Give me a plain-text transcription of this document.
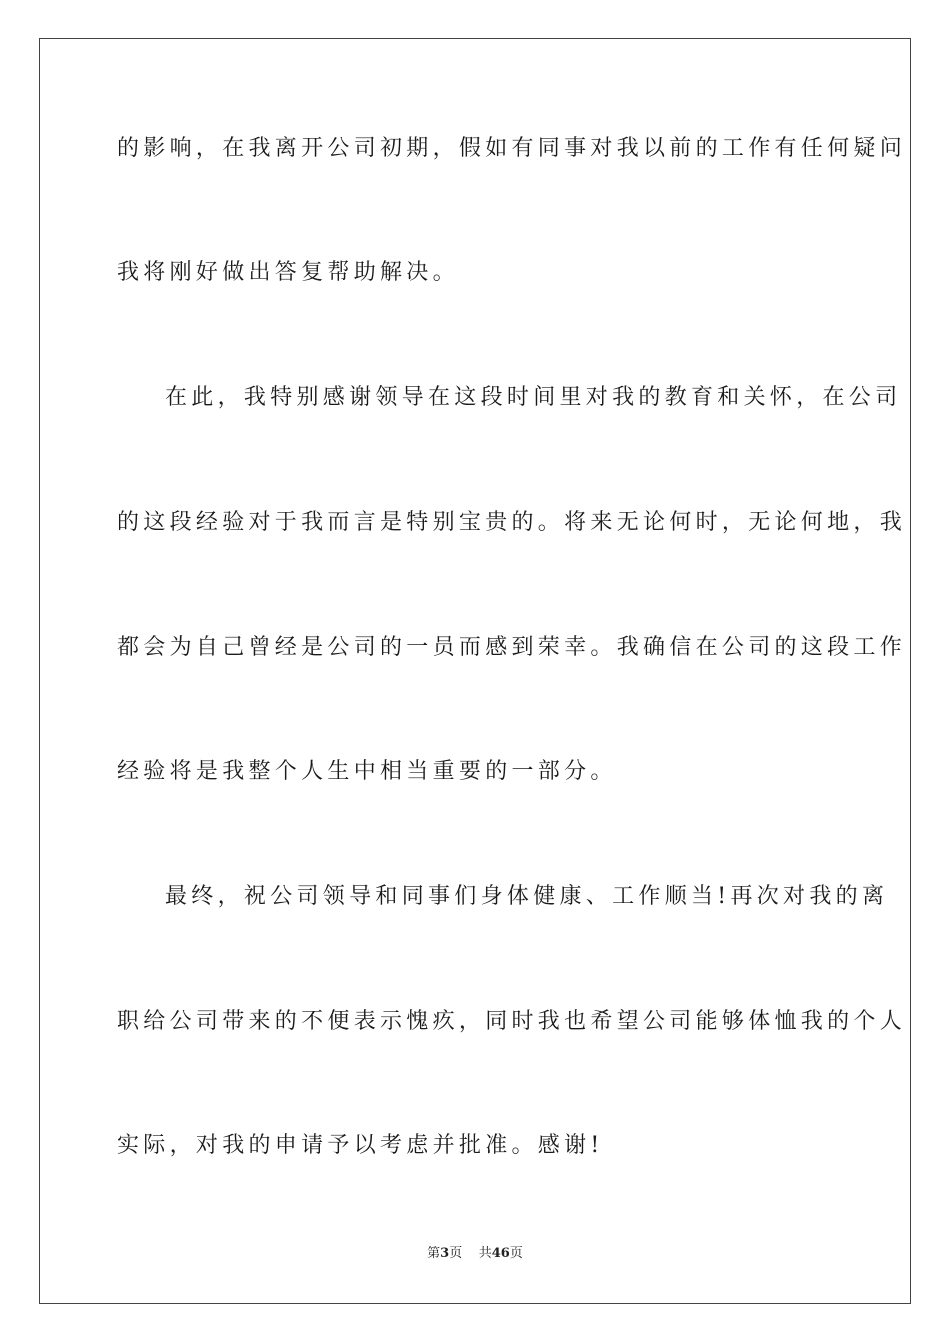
的影响，在我离开公司初期，假如有同事对我以前的工作有任何疑问
我将刚好做出答复帮助解决。
在此，我特别感谢领导在这段时间里对我的教育和关怀，在公司
的这段经验对于我而言是特别宝贵的。将来无论何时，无论何地，我
都会为自己曾经是公司的一员而感到荣幸。我确信在公司的这段工作
经验将是我整个人生中相当重要的一部分。
最终，祝公司领导和同事们身体健康、工作顺当!再次对我的离
职给公司带来的不便表示愧疚，同时我也希望公司能够体恤我的个人
实际，对我的申请予以考虑并批准。感谢!
第3页 共46页
